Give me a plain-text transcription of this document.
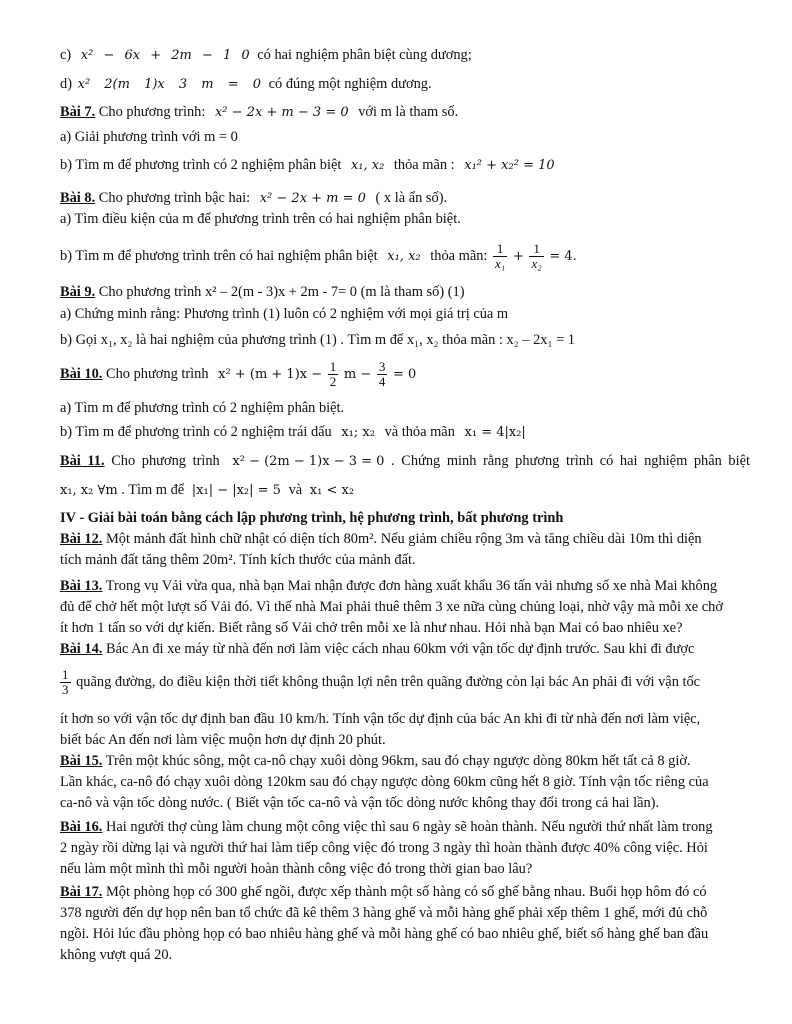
c) x² − 6x + 2m − 1 0 có hai nghiệm phân biệt cùng dương;
d) x² 2(m 1)x 3 m = 0 có đúng một nghiệm dương.
Bài 7. Cho phương trình: x² − 2x + m − 3 = 0 với m là tham số.
a) Giải phương trình với m = 0
b) Tìm m để phương trình có 2 nghiệm phân biệt x₁, x₂ thỏa mãn : x₁² + x₂² = 10
Bài 8. Cho phương trình bậc hai: x² − 2x + m = 0 ( x là ẩn số).
a) Tìm điều kiện của m để phương trình trên có hai nghiệm phân biệt.
b) Tìm m để phương trình trên có hai nghiệm phân biệt x₁, x₂ thỏa mãn: $\frac{1}{\text{x₁}} + \frac{1}{\text{x₂}} = 4$.
Bài 9. Cho phương trình x² – 2(m - 3)x + 2m - 7= 0 (m là tham số) (1)
a) Chứng minh rằng: Phương trình (1) luôn có 2 nghiệm với mọi giá trị của m
b) Gọi x₁, x₂ là hai nghiệm của phương trình (1) . Tìm m để x₁, x₂ thỏa mãn : x₂ – 2x₁ = 1
Bài 10. Cho phương trình $x^2 + (m + 1)x - \frac{1}{2}$ $m - \frac{3}{4} = 0$
a) Tìm m để phương trình có 2 nghiệm phân biệt.
b) Tìm m để phương trình có 2 nghiệm trái dấu x₁; x₂ và thỏa mãn x₁ = 4|x₂|
Bài 11. Cho phương trình x² − (2m − 1)x − 3 = 0 . Chứng minh rằng phương trình có hai nghiệm phân biệt
x₁, x₂ ∀m . Tìm m để |x₁| − |x₂| = 5 và x₁ < x₂
IV - Giải bài toán bằng cách lập phương trình, hệ phương trình, bất phương trình
Bài 12. Một mảnh đất hình chữ nhật có diện tích 80m². Nếu giảm chiều rộng 3m và tăng chiều dài 10m thì diện
tích mảnh đất tăng thêm 20m². Tính kích thước của mảnh đất.
Bài 13. Trong vụ Vải vừa qua, nhà bạn Mai nhận được đơn hàng xuất khẩu 36 tấn vải nhưng số xe nhà Mai không
đủ để chở hết một lượt số Vải đó. Vì thế nhà Mai phải thuê thêm 3 xe nữa cùng chủng loại, nhờ vậy mà mỗi xe chở
ít hơn 1 tấn so với dự kiến. Biết rằng số Vải chở trên mỗi xe là như nhau. Hỏi nhà bạn Mai có bao nhiêu xe?
Bài 14. Bác An đi xe máy từ nhà đến nơi làm việc cách nhau 60km với vận tốc dự định trước. Sau khi đi được
$\frac{1}{3}$ quãng đường, do điều kiện thời tiết không thuận lợi nên trên quãng đường còn lại bác An phải đi với vận tốc
ít hơn so với vận tốc dự định ban đầu 10 km/h. Tính vận tốc dự định của bác An khi đi từ nhà đến nơi làm việc,
biết bác An đến nơi làm việc muộn hơn dự định 20 phút.
Bài 15. Trên một khúc sông, một ca-nô chạy xuôi dòng 96km, sau đó chạy ngược dòng 80km hết tất cả 8 giờ.
Lần khác, ca-nô đó chạy xuôi dòng 120km sau đó chạy ngược dòng 60km cũng hết 8 giờ. Tính vận tốc riêng của
ca-nô và vận tốc dòng nước. ( Biết vận tốc ca-nô và vận tốc dòng nước không thay đổi trong cả hai lần).
Bài 16. Hai người thợ cùng làm chung một công việc thì sau 6 ngày sẽ hoàn thành. Nếu người thứ nhất làm trong
2 ngày rồi dừng lại và người thứ hai làm tiếp công việc đó trong 3 ngày thì hoàn thành được 40% công việc. Hỏi
nếu làm một mình thì mỗi người hoàn thành công việc đó trong thời gian bao lâu?
Bài 17. Một phòng họp có 300 ghế ngồi, được xếp thành một số hàng có số ghế bằng nhau. Buổi họp hôm đó có
378 người đến dự họp nên ban tổ chức đã kê thêm 3 hàng ghế và mỗi hàng ghế phải xếp thêm 1 ghế, mới đủ chỗ
ngồi. Hỏi lúc đầu phòng họp có bao nhiêu hàng ghế và mỗi hàng ghế có bao nhiêu ghế, biết số hàng ghế ban đầu
không vượt quá 20.
